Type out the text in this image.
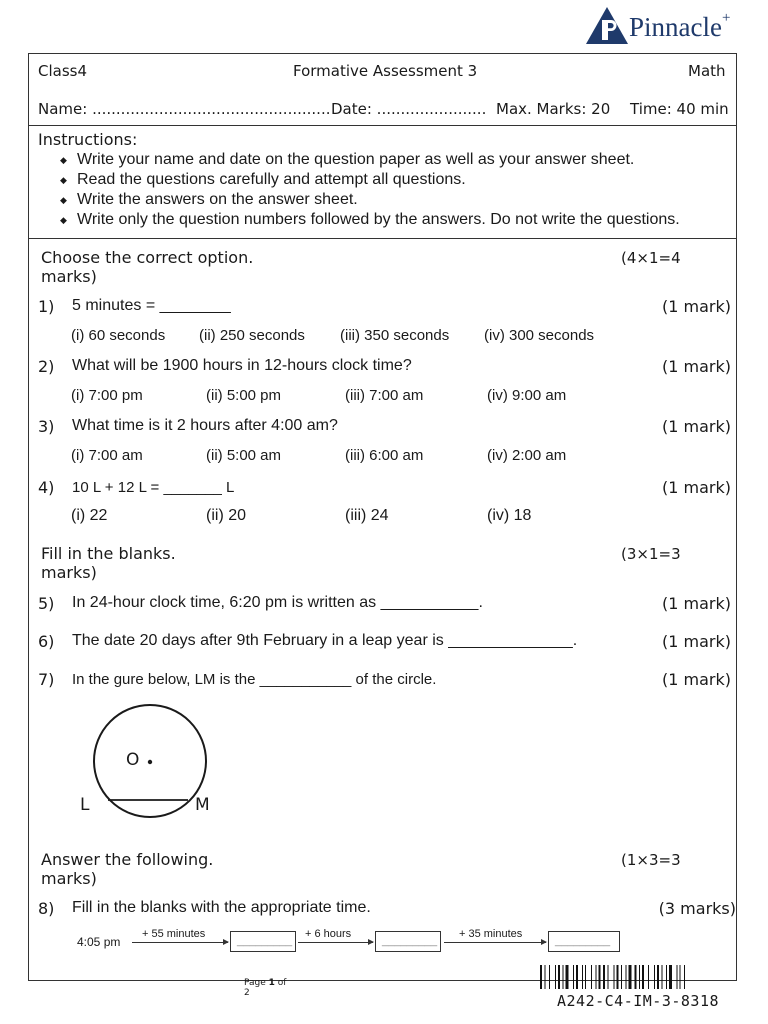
Pinnacle+
Class4	Formative Assessment 3	Math
Name: .................................................. Date: ....................... Max. Marks: 20 Time: 40 min
Instructions:
◆ Write your name and date on the question paper as well as your answer sheet.
◆ Read the questions carefully and attempt all questions.
◆ Write the answers on the answer sheet.
◆ Write only the question numbers followed by the answers. Do not write the questions.
Choose the correct option.
marks)
(4×1=4
1) 5 minutes = ________	(1 mark)
(i) 60 seconds (ii) 250 seconds (iii) 350 seconds (iv) 300 seconds
2) What will be 1900 hours in 12-hours clock time?	(1 mark)
(i) 7:00 pm	(ii) 5:00 pm	(iii) 7:00 am	(iv) 9:00 am
3) What time is it 2 hours after 4:00 am?	(1 mark)
(i) 7:00 am	(ii) 5:00 am	(iii) 6:00 am	(iv) 2:00 am
4) 10 L + 12 L = _______ L	(1 mark)
(i) 22	(ii) 20	(iii) 24	(iv) 18
Fill in the blanks.
marks)
(3×1=3
5) In 24-hour clock time, 6:20 pm is written as ___________.	(1 mark)
6) The date 20 days after 9th February in a leap year is ______________.	(1 mark)
7) In the gure below, LM is the ___________ of the circle.	(1 mark)
O
L	M
Answer the following.
marks)
(1×3=3
8) Fill in the blanks with the appropriate time.	(3 marks)
4:05 pm
+ 55 minutes
_________
+ 6 hours
_________
+ 35 minutes
_________
Page 1 of
2	A242-C4-IM-3-8318
